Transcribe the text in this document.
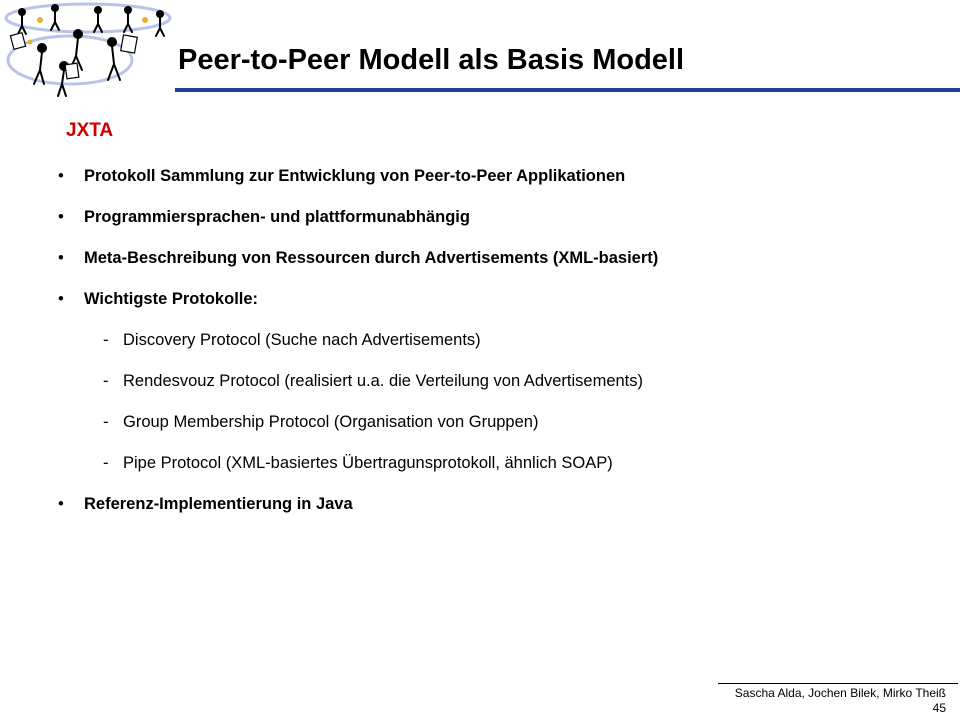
Peer-to-Peer Modell als Basis Modell
JXTA
• Protokoll Sammlung zur Entwicklung von Peer-to-Peer Applikationen
• Programmiersprachen- und plattformunabhängig
• Meta-Beschreibung von Ressourcen durch Advertisements (XML-basiert)
• Wichtigste Protokolle:
- Discovery Protocol (Suche nach Advertisements)
- Rendesvouz Protocol (realisiert u.a. die Verteilung von Advertisements)
- Group Membership Protocol (Organisation von Gruppen)
- Pipe Protocol (XML-basiertes Übertragunsprotokoll, ähnlich SOAP)
• Referenz-Implementierung in Java
Sascha Alda, Jochen Bilek, Mirko Theiß
45
